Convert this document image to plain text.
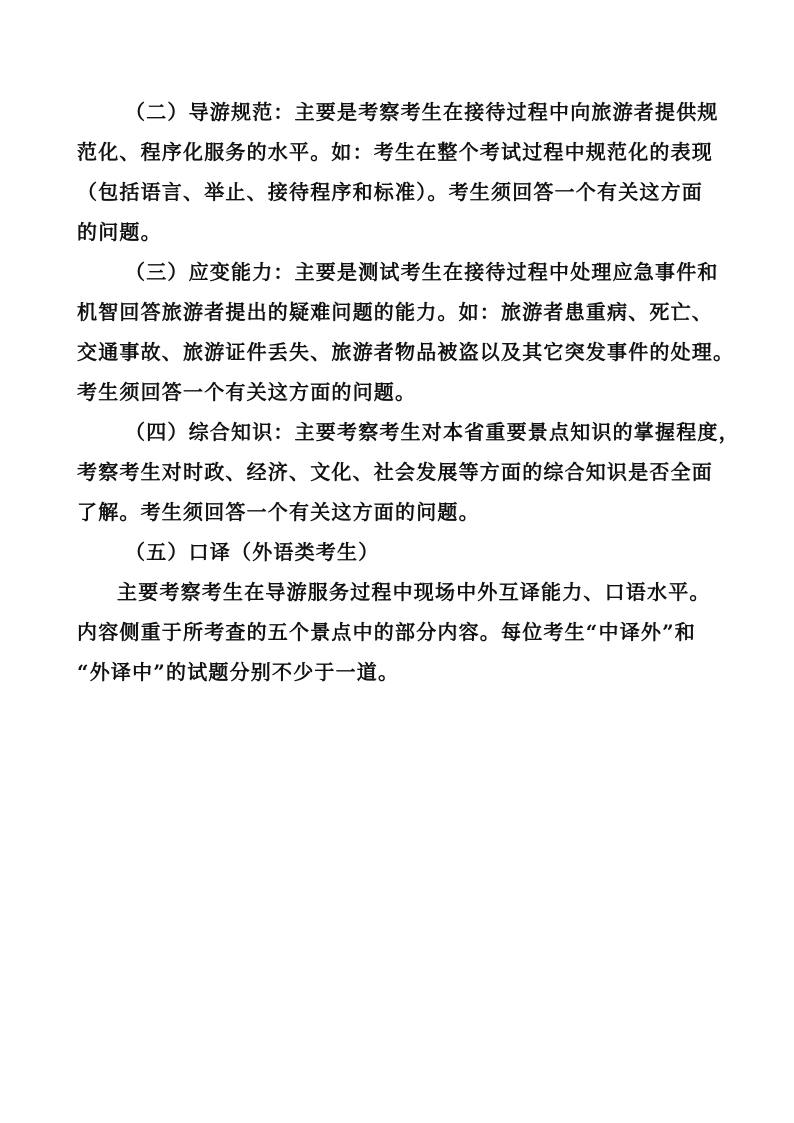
（二）导游规范：主要是考察考生在接待过程中向旅游者提供规
范化、程序化服务的水平。如：考生在整个考试过程中规范化的表现
（包括语言、举止、接待程序和标准）。考生须回答一个有关这方面
的问题。
（三）应变能力：主要是测试考生在接待过程中处理应急事件和
机智回答旅游者提出的疑难问题的能力。如：旅游者患重病、死亡、
交通事故、旅游证件丢失、旅游者物品被盗以及其它突发事件的处理。
考生须回答一个有关这方面的问题。
（四）综合知识：主要考察考生对本省重要景点知识的掌握程度，
考察考生对时政、经济、文化、社会发展等方面的综合知识是否全面
了解。考生须回答一个有关这方面的问题。
（五）口译（外语类考生）
主要考察考生在导游服务过程中现场中外互译能力、口语水平。
内容侧重于所考查的五个景点中的部分内容。每位考生“中译外”和
“外译中”的试题分别不少于一道。
